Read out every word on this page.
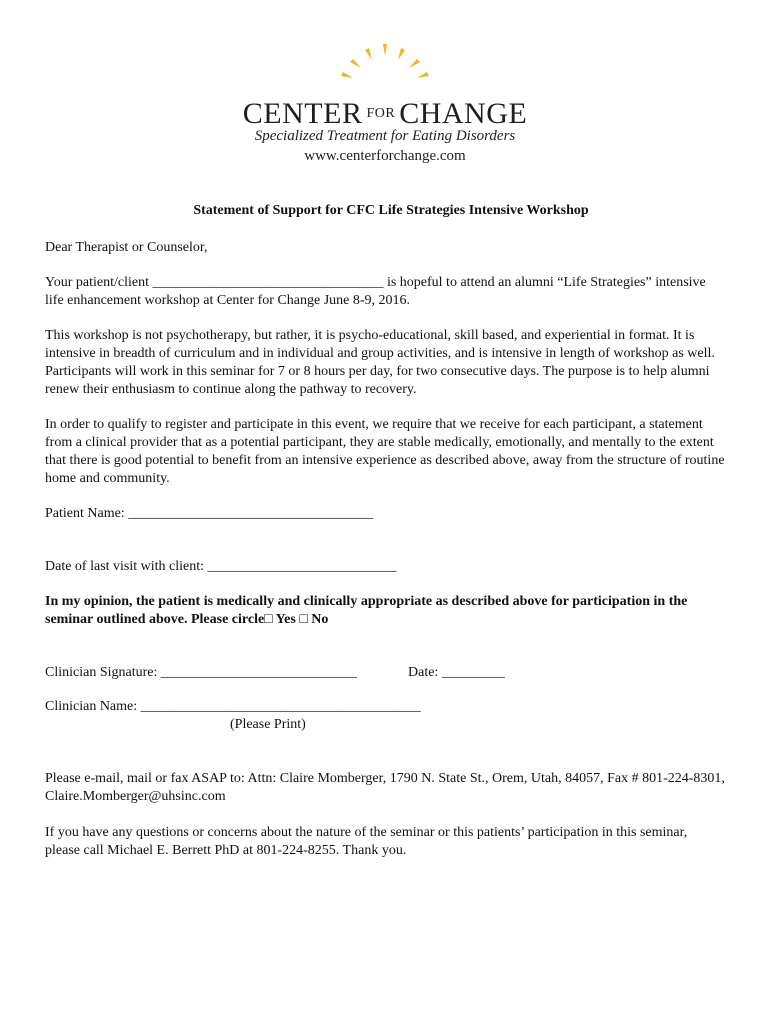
CENTER $^{FOR}$ CHANGE
Specialized Treatment for Eating Disorders
www.centerforchange.com

Statement of Support for CFC Life Strategies Intensive Workshop

Dear Therapist or Counselor,

Your patient/client _________________________________ is hopeful to attend an alumni “Life Strategies” intensive life enhancement workshop at Center for Change June 8-9, 2016.

This workshop is not psychotherapy, but rather, it is psycho-educational, skill based, and experiential in format. It is intensive in breadth of curriculum and in individual and group activities, and is intensive in length of workshop as well. Participants will work in this seminar for 7 or 8 hours per day, for two consecutive days. The purpose is to help alumni renew their enthusiasm to continue along the pathway to recovery.

In order to qualify to register and participate in this event, we require that we receive for each participant, a statement from a clinical provider that as a potential participant, they are stable medically, emotionally, and mentally to the extent that there is good potential to benefit from an intensive experience as described above, away from the structure of routine home and community.

Patient Name: ___________________________________

Date of last visit with client: ___________________________

In my opinion, the patient is medically and clinically appropriate as described above for participation in the seminar outlined above. Please circle□ Yes □ No

Clinician Signature: ____________________________	Date: _________

Clinician Name: ________________________________________

(Please Print)

Please e-mail, mail or fax ASAP to: Attn: Claire Momberger, 1790 N. State St., Orem, Utah, 84057, Fax # 801-224-8301, Claire.Momberger@uhsinc.com

If you have any questions or concerns about the nature of the seminar or this patients’ participation in this seminar, please call Michael E. Berrett PhD at 801-224-8255. Thank you.
